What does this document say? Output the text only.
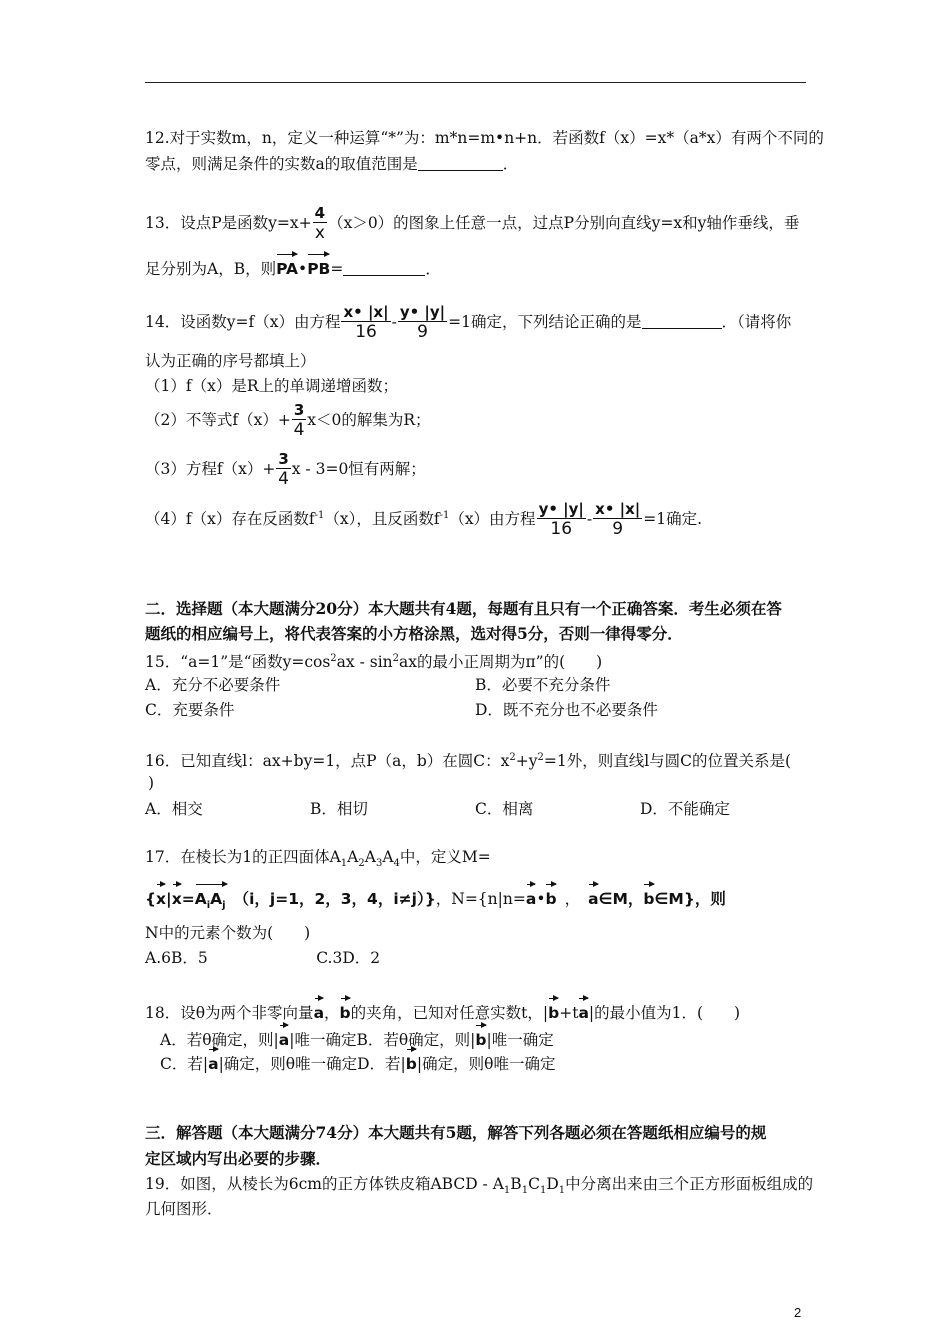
12.对于实数m，n，定义一种运算“*”为：m*n=m•n+n．若函数f（x）=x*（a*x）有两个不同的
零点，则满足条件的实数a的取值范围是	．
13．设点P是函数$y=x+ \frac{4}{x} (x>0)$的图象上任意一点，过点P分别向直线y=x和y轴作垂线，垂
足分别为A，B，则PA•PB=	．
14．设函数y=f（x）由方程 $\frac{x• |x|}{16} - \frac{y• |y|}{9} =1$确定，下列结论正确的是	．（请将你
认为正确的序号都填上）
（1）f（x）是R上的单调递增函数；
（2）不等式$f(x)+ \frac{3}{4} x<0$的解集为R；
（3）方程$f(x)+ \frac{3}{4}$ x - 3=0恒有两解；
（4）f（x）存在反函数$f^{-1}(x)$，且反函数$f^{-1}(x)$由方程 $\frac{y• |y|}{16} - \frac{x• |x|}{9} =1$确定.
二．选择题（本大题满分20分）本大题共有4题，每题有且只有一个正确答案．考生必须在答
题纸的相应编号上，将代表答案的小方格涂黑，选对得5分，否则一律得零分．
15．“a=1”是“函数$y=\cos^2ax - \sin^2ax$的最小正周期为π”的(　　)
A．充分不必要条件	B．必要不充分条件
C．充要条件	D．既不充分也不必要条件
16．已知直线l：ax+by=1，点P（a，b）在圆C：$x^2+y^2=1$外，则直线l与圆C的位置关系是(
)
A．相交	B．相切	C．相离	D．不能确定
17．在棱长为1的正四面体$A_1A_2A_3A_4$中，定义M=
{$x|x=A_iA_j$ （i，j=1，2，3，4，i≠j）}，N={n|n=a•b ， a∈M，b∈M}，则
N中的元素个数为(　　)
A.6B．5　　　　　　　C.3D．2
18．设θ为两个非零向量a，b的夹角，已知对任意实数t，|b+ta|的最小值为1．(　　)
A．若θ确定，则|a|唯一确定B．若θ确定，则|b|唯一确定
C．若|a|确定，则θ唯一确定D．若|b|确定，则θ唯一确定
三．解答题（本大题满分74分）本大题共有5题，解答下列各题必须在答题纸相应编号的规
定区域内写出必要的步骤．
19．如图，从棱长为6cm的正方体铁皮箱ABCD - $A_1B_1C_1D_1$中分离出来由三个正方形面板组成的
几何图形．
2
